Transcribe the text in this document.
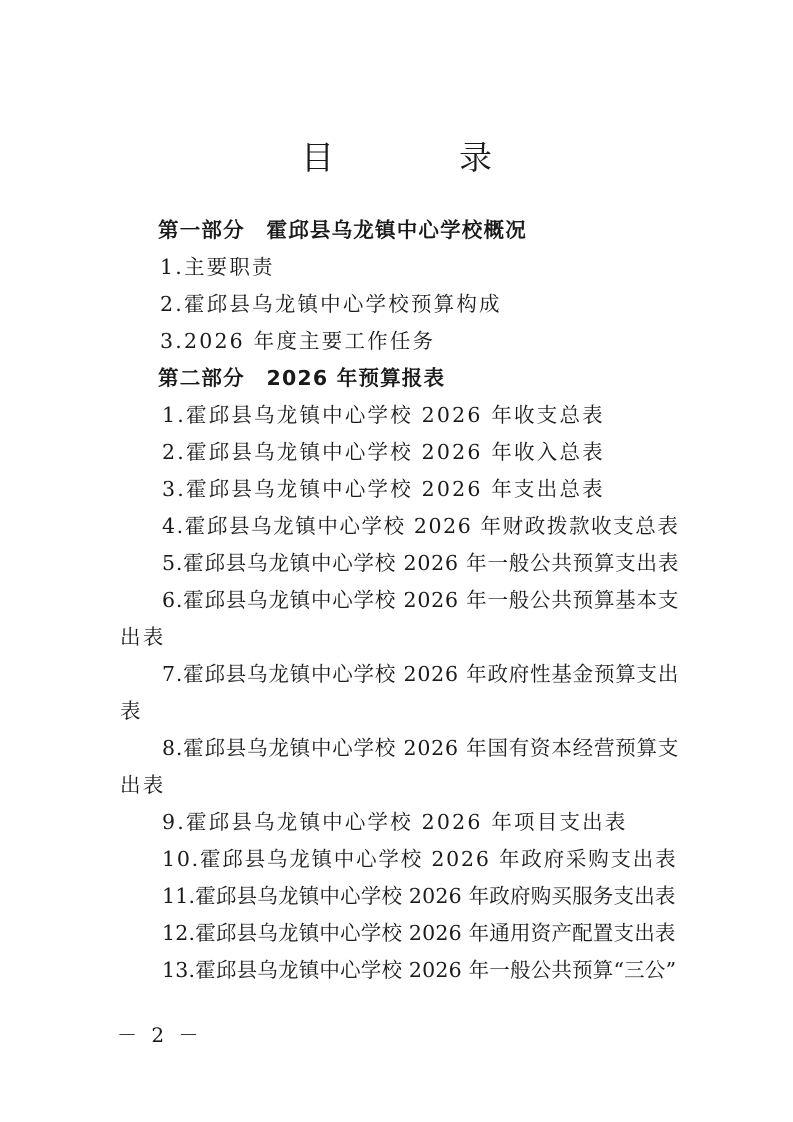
目　录
第一部分　霍邱县乌龙镇中心学校概况
1.主要职责
2.霍邱县乌龙镇中心学校预算构成
3.2026 年度主要工作任务
第二部分　2026 年预算报表
1.霍邱县乌龙镇中心学校 2026 年收支总表
2.霍邱县乌龙镇中心学校 2026 年收入总表
3.霍邱县乌龙镇中心学校 2026 年支出总表
4.霍邱县乌龙镇中心学校 2026 年财政拨款收支总表
5.霍邱县乌龙镇中心学校 2026 年一般公共预算支出表
6.霍邱县乌龙镇中心学校 2026 年一般公共预算基本支
出表
7.霍邱县乌龙镇中心学校 2026 年政府性基金预算支出
表
8.霍邱县乌龙镇中心学校 2026 年国有资本经营预算支
出表
9.霍邱县乌龙镇中心学校 2026 年项目支出表
10.霍邱县乌龙镇中心学校 2026 年政府采购支出表
11.霍邱县乌龙镇中心学校 2026 年政府购买服务支出表
12.霍邱县乌龙镇中心学校 2026 年通用资产配置支出表
13.霍邱县乌龙镇中心学校 2026 年一般公共预算“三公”
－ 2 －
